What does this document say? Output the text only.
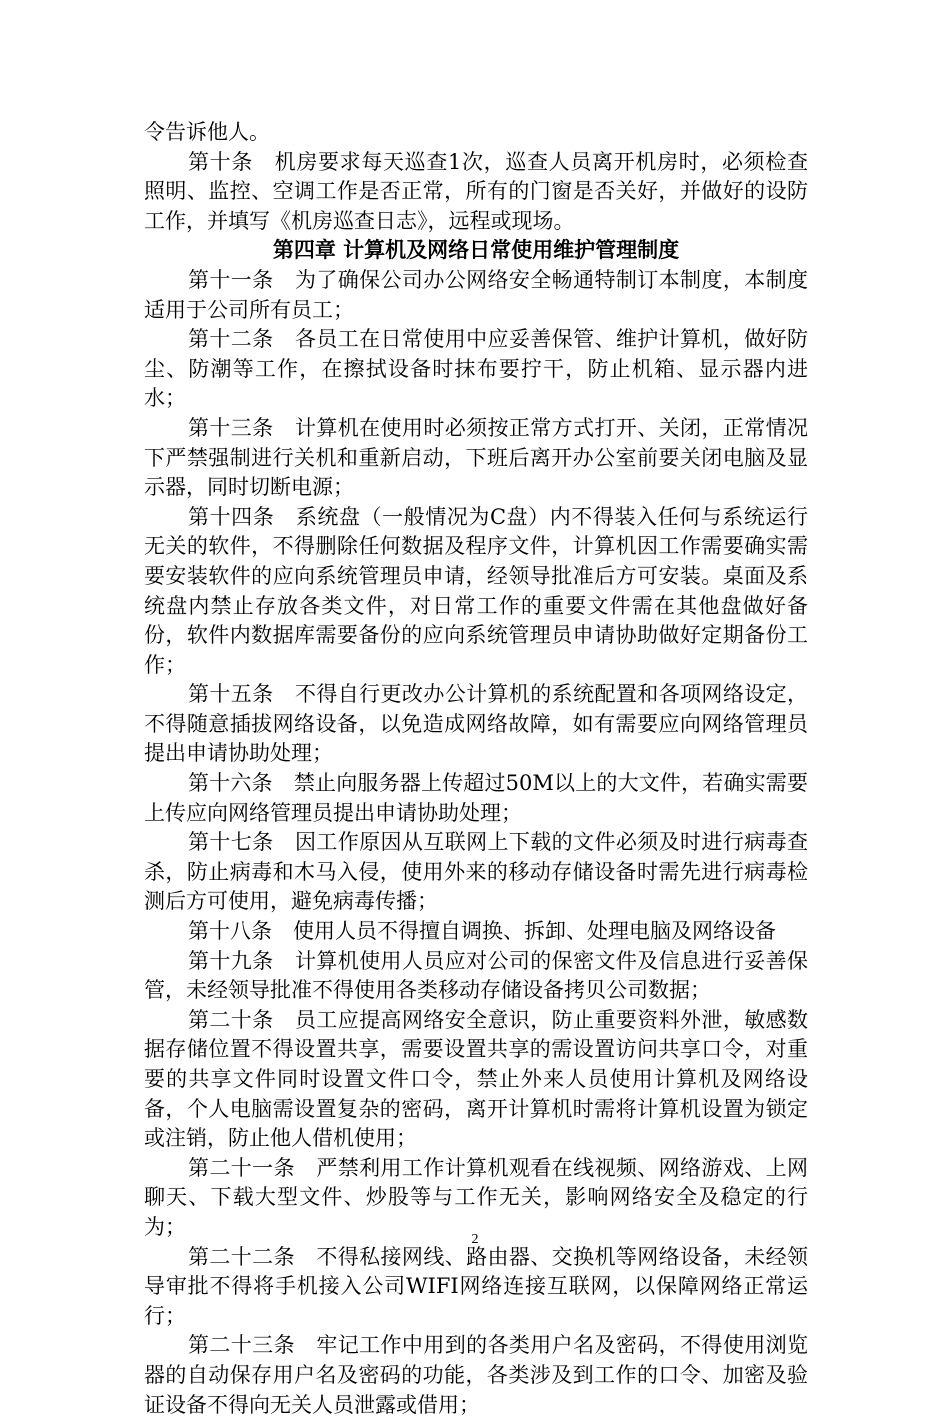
令告诉他人。

第十条　机房要求每天巡查1次，巡查人员离开机房时，必须检查照明、监控、空调工作是否正常，所有的门窗是否关好，并做好的设防工作，并填写《机房巡查日志》，远程或现场。

第四章 计算机及网络日常使用维护管理制度

第十一条　为了确保公司办公网络安全畅通特制订本制度，本制度适用于公司所有员工；

第十二条　各员工在日常使用中应妥善保管、维护计算机，做好防尘、防潮等工作，在擦拭设备时抹布要拧干，防止机箱、显示器内进水；

第十三条　计算机在使用时必须按正常方式打开、关闭，正常情况下严禁强制进行关机和重新启动，下班后离开办公室前要关闭电脑及显示器，同时切断电源；

第十四条　系统盘（一般情况为C盘）内不得装入任何与系统运行无关的软件，不得删除任何数据及程序文件，计算机因工作需要确实需要安装软件的应向系统管理员申请，经领导批准后方可安装。桌面及系统盘内禁止存放各类文件，对日常工作的重要文件需在其他盘做好备份，软件内数据库需要备份的应向系统管理员申请协助做好定期备份工作；

第十五条　不得自行更改办公计算机的系统配置和各项网络设定，不得随意插拔网络设备，以免造成网络故障，如有需要应向网络管理员提出申请协助处理；

第十六条　禁止向服务器上传超过50M以上的大文件，若确实需要上传应向网络管理员提出申请协助处理；

第十七条　因工作原因从互联网上下载的文件必须及时进行病毒查杀，防止病毒和木马入侵，使用外来的移动存储设备时需先进行病毒检测后方可使用，避免病毒传播；

第十八条　使用人员不得擅自调换、拆卸、处理电脑及网络设备

第十九条　计算机使用人员应对公司的保密文件及信息进行妥善保管，未经领导批准不得使用各类移动存储设备拷贝公司数据；

第二十条　员工应提高网络安全意识，防止重要资料外泄，敏感数据存储位置不得设置共享，需要设置共享的需设置访问共享口令，对重要的共享文件同时设置文件口令，禁止外来人员使用计算机及网络设备，个人电脑需设置复杂的密码，离开计算机时需将计算机设置为锁定或注销，防止他人借机使用；

第二十一条　严禁利用工作计算机观看在线视频、网络游戏、上网聊天、下载大型文件、炒股等与工作无关，影响网络安全及稳定的行为；

第二十二条　不得私接网线、路由器、交换机等网络设备，未经领导审批不得将手机接入公司WIFI网络连接互联网，以保障网络正常运行；

第二十三条　牢记工作中用到的各类用户名及密码，不得使用浏览器的自动保存用户名及密码的功能，各类涉及到工作的口令、加密及验证设备不得向无关人员泄露或借用；

2
